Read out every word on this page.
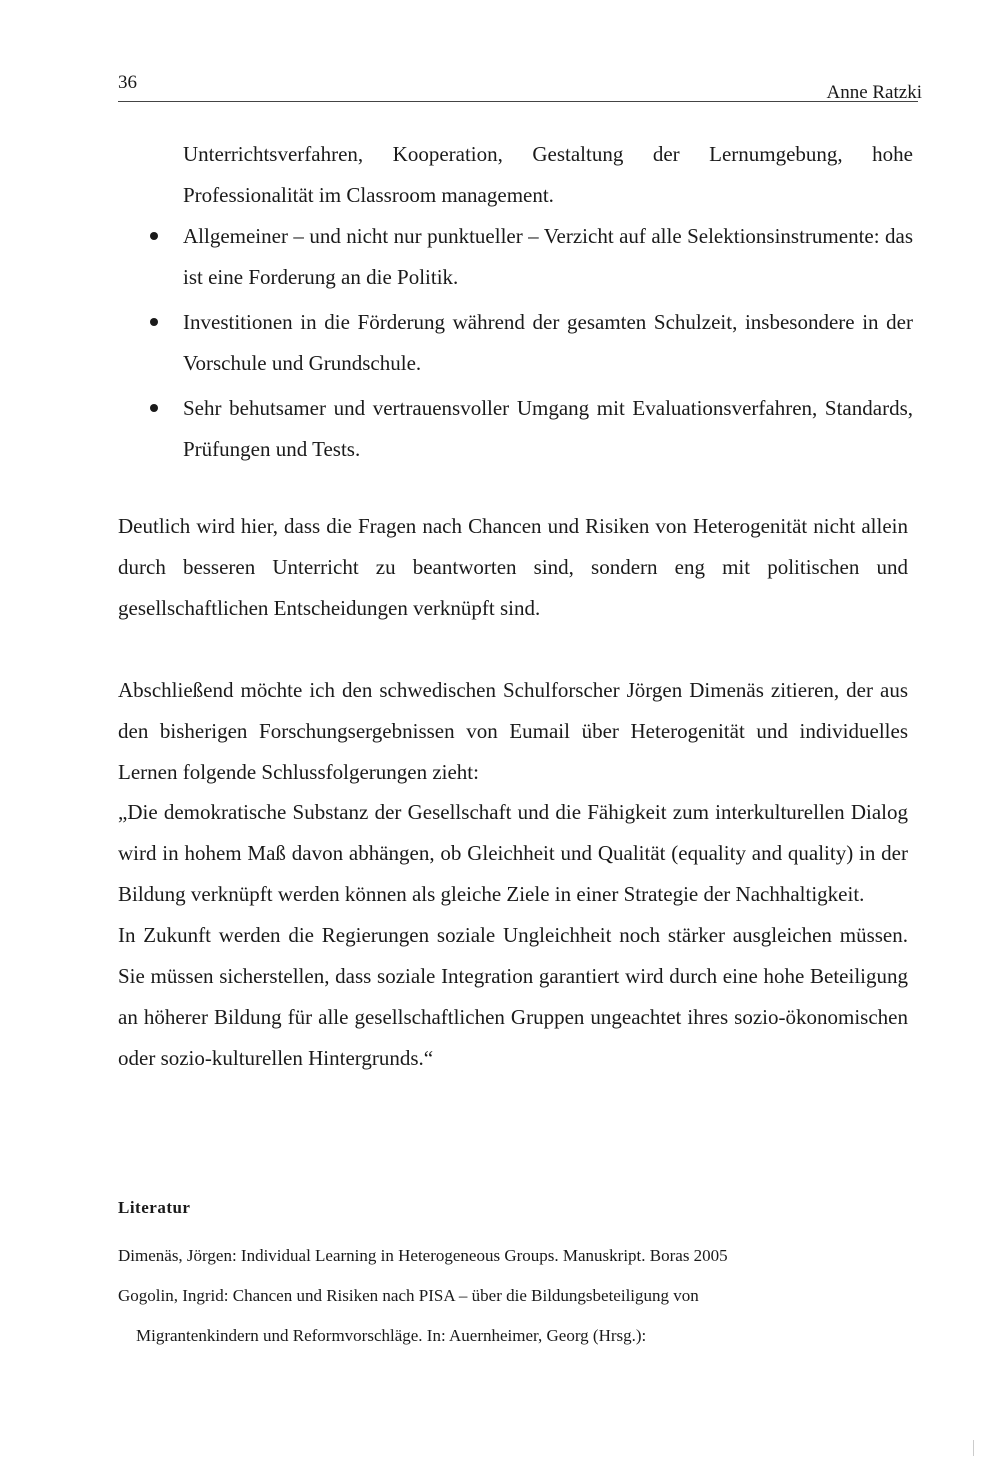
36	Anne Ratzki
Unterrichtsverfahren, Kooperation, Gestaltung der Lernumgebung, hohe Professionalität im Classroom management.
Allgemeiner – und nicht nur punktueller – Verzicht auf alle Selektionsinstrumente: das ist eine Forderung an die Politik.
Investitionen in die Förderung während der gesamten Schulzeit, insbesondere in der Vorschule und Grundschule.
Sehr behutsamer und vertrauensvoller Umgang mit Evaluationsverfahren, Standards, Prüfungen und Tests.

Deutlich wird hier, dass die Fragen nach Chancen und Risiken von Heterogenität nicht allein durch besseren Unterricht zu beantworten sind, sondern eng mit politischen und gesellschaftlichen Entscheidungen verknüpft sind.

Abschließend möchte ich den schwedischen Schulforscher Jörgen Dimenäs zitieren, der aus den bisherigen Forschungsergebnissen von Eumail über Heterogenität und individuelles Lernen folgende Schlussfolgerungen zieht:

„Die demokratische Substanz der Gesellschaft und die Fähigkeit zum interkulturellen Dialog wird in hohem Maß davon abhängen, ob Gleichheit und Qualität (equality and quality) in der Bildung verknüpft werden können als gleiche Ziele in einer Strategie der Nachhaltigkeit.

In Zukunft werden die Regierungen soziale Ungleichheit noch stärker ausgleichen müssen. Sie müssen sicherstellen, dass soziale Integration garantiert wird durch eine hohe Beteiligung an höherer Bildung für alle gesellschaftlichen Gruppen ungeachtet ihres sozio-ökonomischen oder sozio-kulturellen Hintergrunds.“

Literatur
Dimenäs, Jörgen: Individual Learning in Heterogeneous Groups. Manuskript. Boras 2005
Gogolin, Ingrid: Chancen und Risiken nach PISA – über die Bildungsbeteiligung von
Migrantenkindern und Reformvorschläge. In: Auernheimer, Georg (Hrsg.):
